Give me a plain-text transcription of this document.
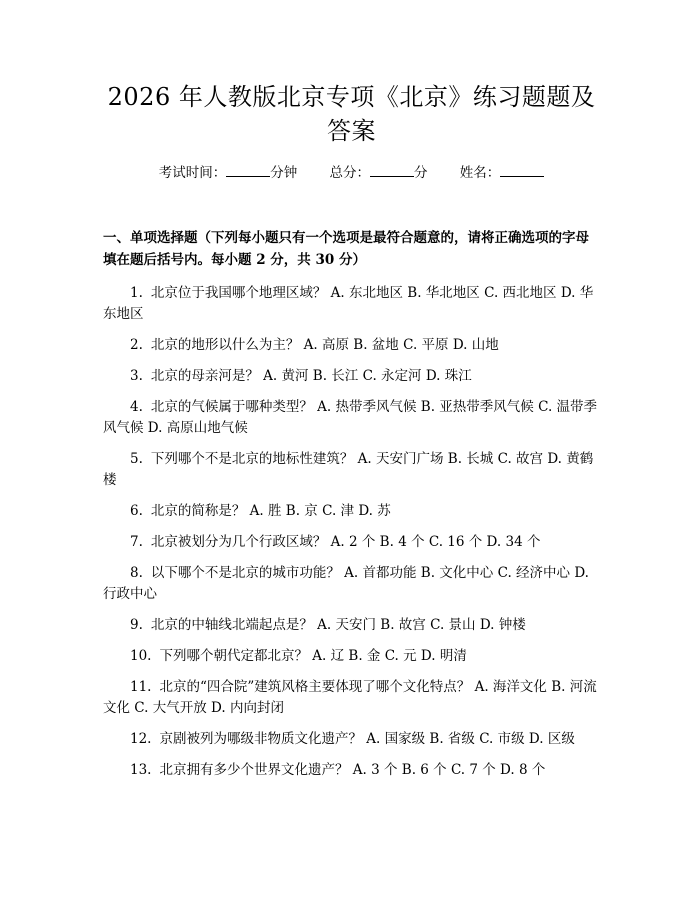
2026 年人教版北京专项《北京》练习题题及
答案
考试时间：	分钟 总分：	分 姓名：
一、单项选择题（下列每小题只有一个选项是最符合题意的，请将正确选项的字母填在题后括号内。每小题 2 分，共 30 分）
1. 北京位于我国哪个地理区域？ A. 东北地区 B. 华北地区 C. 西北地区 D. 华东地区
2. 北京的地形以什么为主？ A. 高原 B. 盆地 C. 平原 D. 山地
3. 北京的母亲河是？ A. 黄河 B. 长江 C. 永定河 D. 珠江
4. 北京的气候属于哪种类型？ A. 热带季风气候 B. 亚热带季风气候 C. 温带季风气候 D. 高原山地气候
5. 下列哪个不是北京的地标性建筑？ A. 天安门广场 B. 长城 C. 故宫 D. 黄鹤楼
6. 北京的简称是？ A. 胜 B. 京 C. 津 D. 苏
7. 北京被划分为几个行政区域？ A. 2 个 B. 4 个 C. 16 个 D. 34 个
8. 以下哪个不是北京的城市功能？ A. 首都功能 B. 文化中心 C. 经济中心 D. 行政中心
9. 北京的中轴线北端起点是？ A. 天安门 B. 故宫 C. 景山 D. 钟楼
10. 下列哪个朝代定都北京？ A. 辽 B. 金 C. 元 D. 明清
11. 北京的“四合院”建筑风格主要体现了哪个文化特点？ A. 海洋文化 B. 河流文化 C. 大气开放 D. 内向封闭
12. 京剧被列为哪级非物质文化遗产？ A. 国家级 B. 省级 C. 市级 D. 区级
13. 北京拥有多少个世界文化遗产？ A. 3 个 B. 6 个 C. 7 个 D. 8 个
